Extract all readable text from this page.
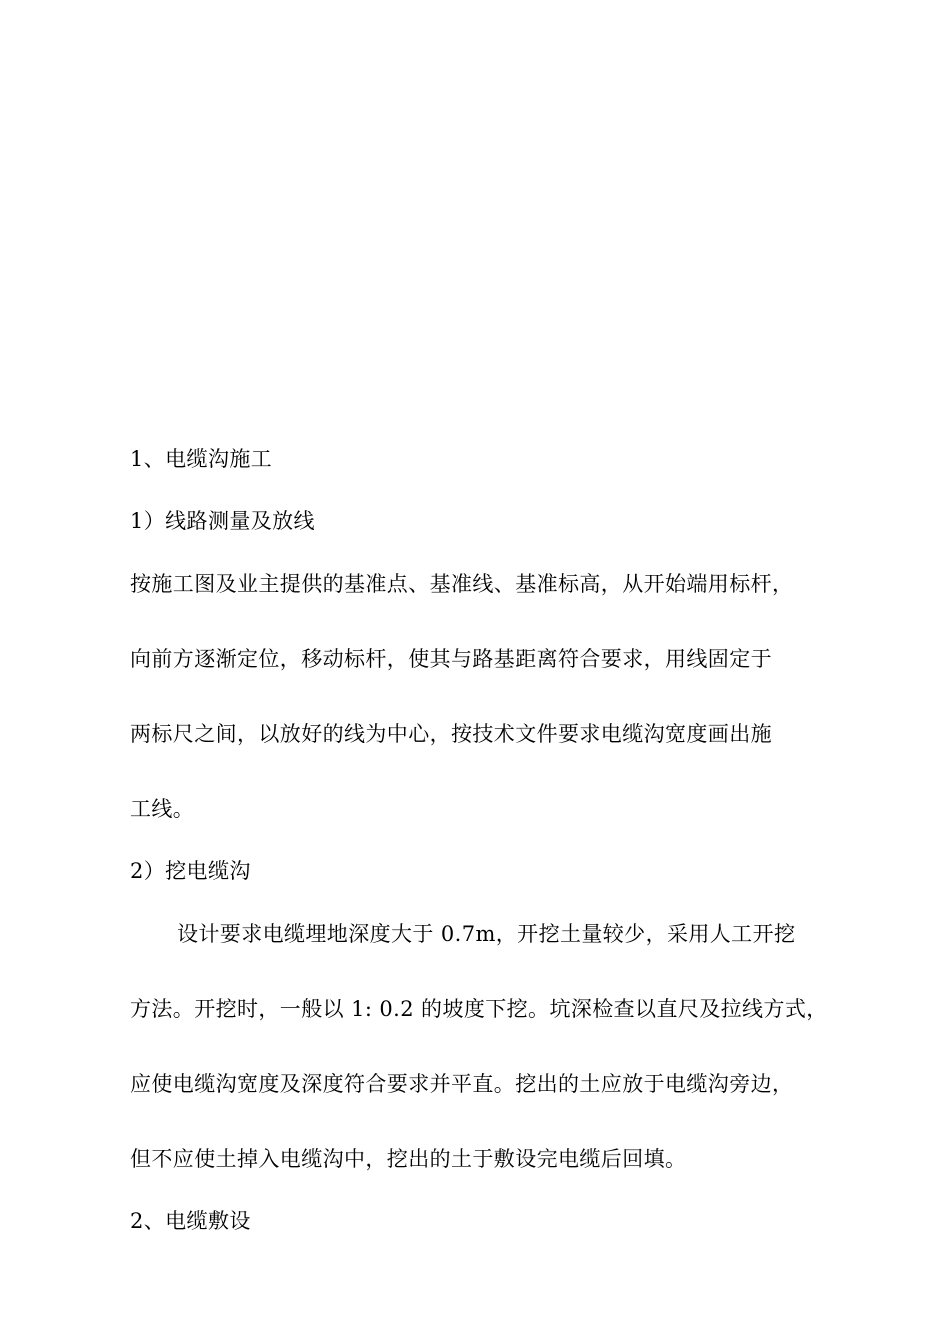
1、电缆沟施工
1）线路测量及放线
按施工图及业主提供的基准点、基准线、基准标高，从开始端用标杆，
向前方逐渐定位，移动标杆，使其与路基距离符合要求，用线固定于
两标尺之间，以放好的线为中心，按技术文件要求电缆沟宽度画出施
工线。
2）挖电缆沟
设计要求电缆埋地深度大于 0.7m，开挖土量较少，采用人工开挖
方法。开挖时，一般以 1: 0.2 的坡度下挖。坑深检查以直尺及拉线方式，
应使电缆沟宽度及深度符合要求并平直。挖出的土应放于电缆沟旁边，
但不应使土掉入电缆沟中，挖出的土于敷设完电缆后回填。
2、电缆敷设
